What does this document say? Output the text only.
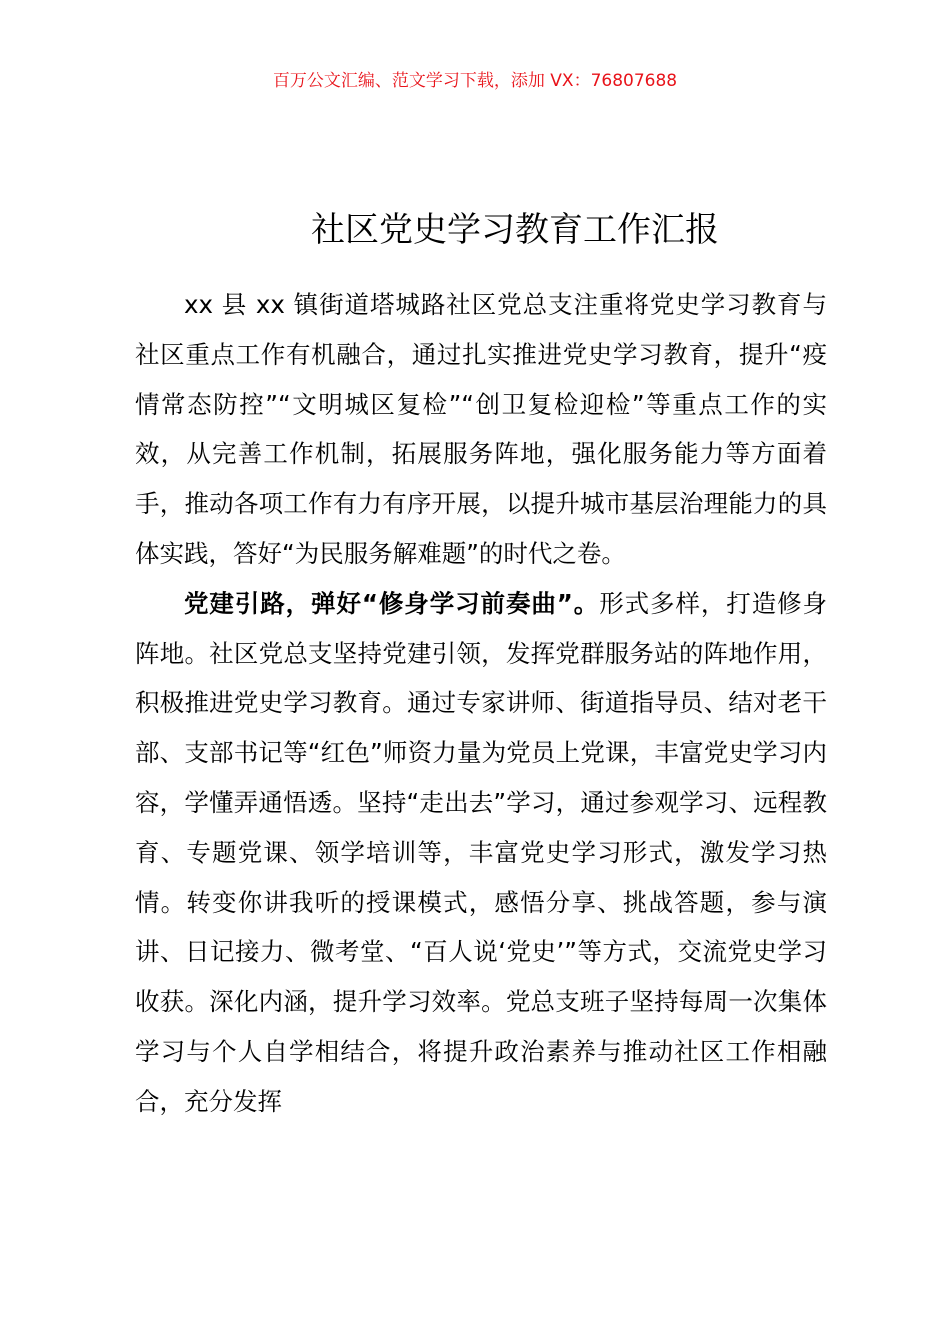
百万公文汇编、范文学习下载，添加 VX：76807688
社区党史学习教育工作汇报

xx 县 xx 镇街道塔城路社区党总支注重将党史学习教育与社区重点工作有机融合，通过扎实推进党史学习教育，提升“疫情常态防控”“文明城区复检”“创卫复检迎检”等重点工作的实效，从完善工作机制，拓展服务阵地，强化服务能力等方面着手，推动各项工作有力有序开展，以提升城市基层治理能力的具体实践，答好“为民服务解难题”的时代之卷。

党建引路，弹好“修身学习前奏曲”。形式多样，打造修身阵地。社区党总支坚持党建引领，发挥党群服务站的阵地作用，积极推进党史学习教育。通过专家讲师、街道指导员、结对老干部、支部书记等“红色”师资力量为党员上党课，丰富党史学习内容，学懂弄通悟透。坚持“走出去”学习，通过参观学习、远程教育、专题党课、领学培训等，丰富党史学习形式，激发学习热情。转变你讲我听的授课模式，感悟分享、挑战答题，参与演讲、日记接力、微考堂、“百人说‘党史’”等方式，交流党史学习收获。深化内涵，提升学习效率。党总支班子坚持每周一次集体学习与个人自学相结合，将提升政治素养与推动社区工作相融合，充分发挥
